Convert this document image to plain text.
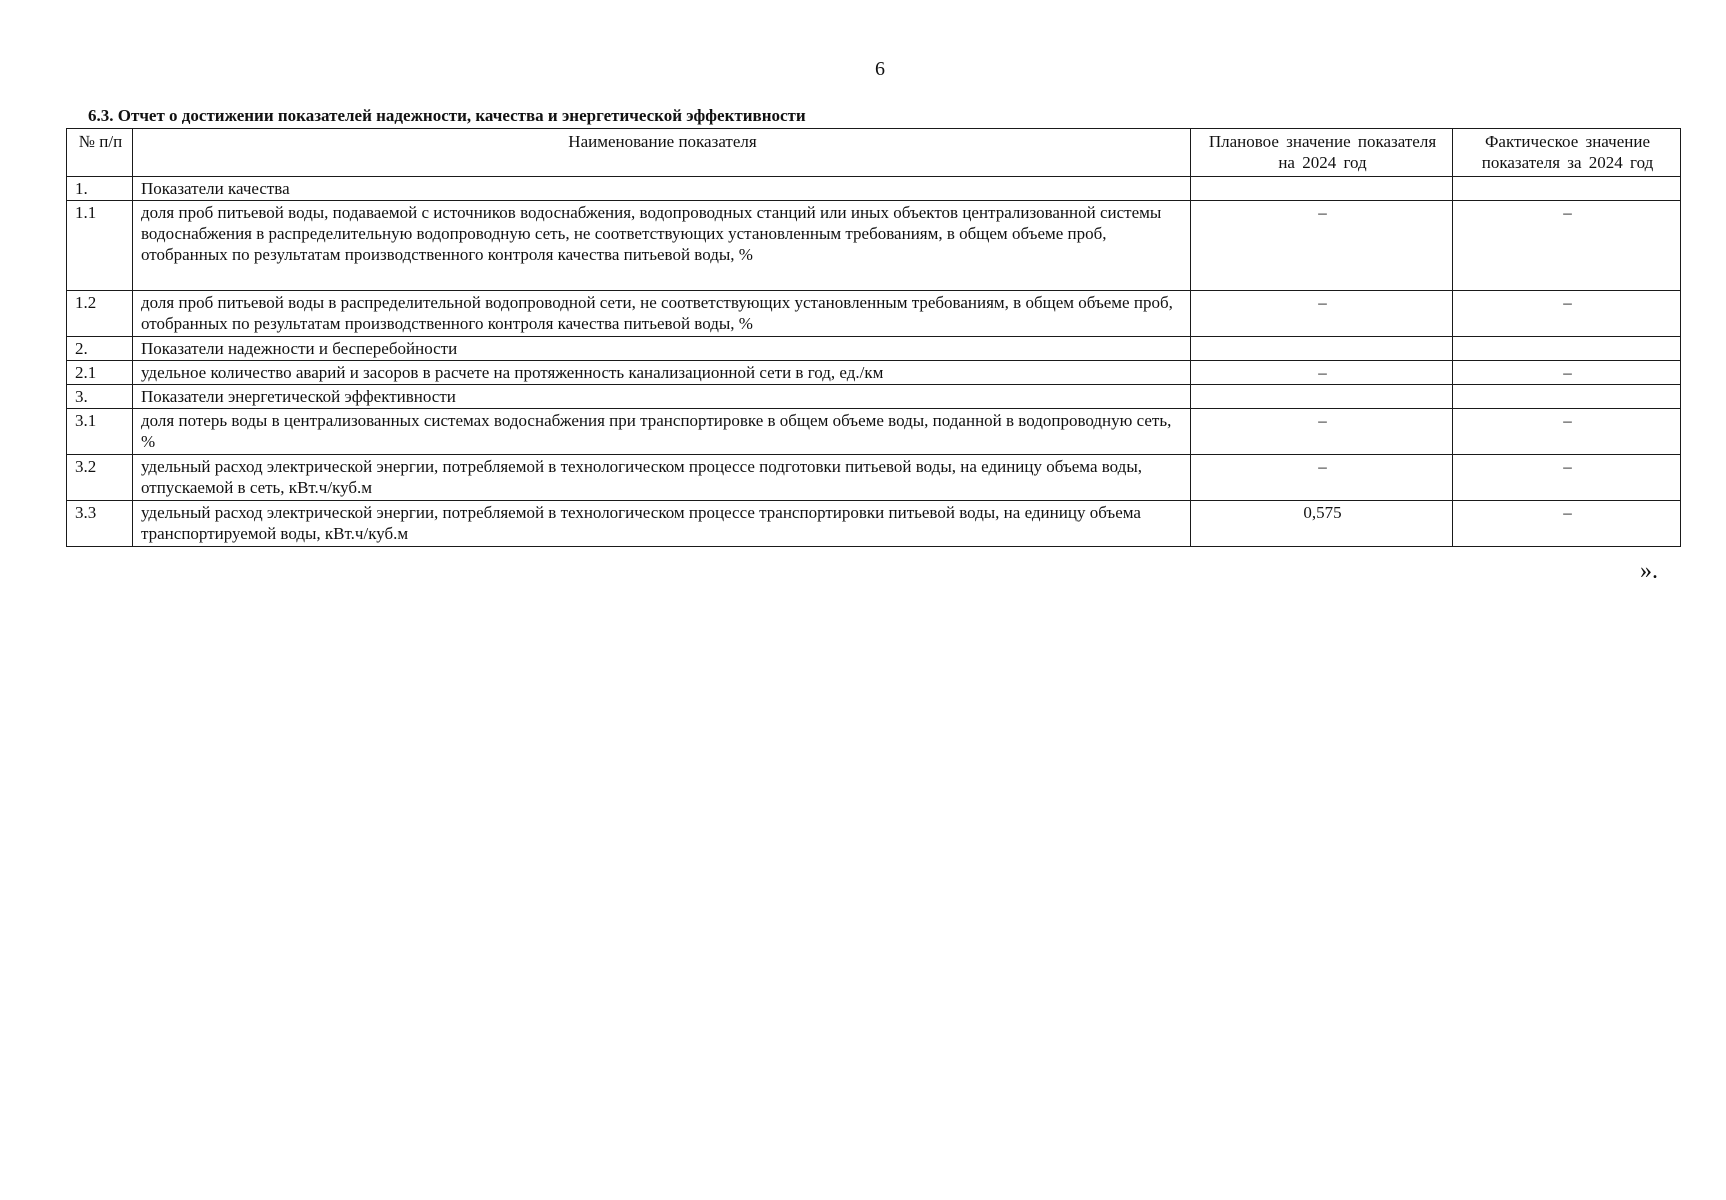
6
6.3. Отчет о достижении показателей надежности, качества и энергетической эффективности
№ п/п	Наименование показателя	Плановое значение показателя на 2024 год	Фактическое значение показателя за 2024 год
1.	Показатели качества		
1.1	доля проб питьевой воды, подаваемой с источников водоснабжения, водопроводных станций или иных объектов централизованной системы водоснабжения в распределительную водопроводную сеть, не соответствующих установленным требованиям, в общем объеме проб, отобранных по результатам производственного контроля качества питьевой воды, %	–	–
1.2	доля проб питьевой воды в распределительной водопроводной сети, не соответствующих установленным требованиям, в общем объеме проб, отобранных по результатам производственного контроля качества питьевой воды, %	–	–
2.	Показатели надежности и бесперебойности		
2.1	удельное количество аварий и засоров в расчете на протяженность канализационной сети в год, ед./км	–	–
3.	Показатели энергетической эффективности		
3.1	доля потерь воды в централизованных системах водоснабжения при транспортировке в общем объеме воды, поданной в водопроводную сеть, %	–	–
3.2	удельный расход электрической энергии, потребляемой в технологическом процессе подготовки питьевой воды, на единицу объема воды, отпускаемой в сеть, кВт.ч/куб.м	–	–
3.3	удельный расход электрической энергии, потребляемой в технологическом процессе транспортировки питьевой воды, на единицу объема транспортируемой воды, кВт.ч/куб.м	0,575	–
».
